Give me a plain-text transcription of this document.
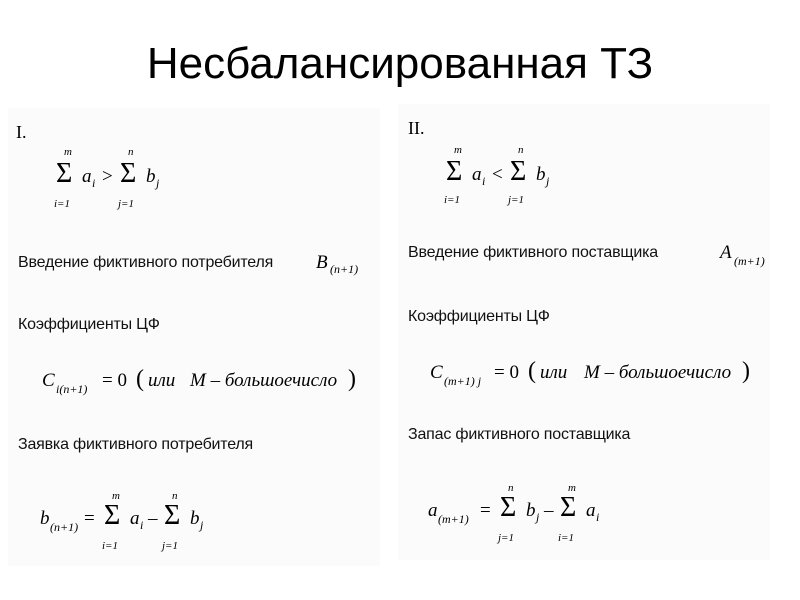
Несбалансированная ТЗ
I.
m
Σ
i=1
a i >
n
Σ
j=1
b j
Введение фиктивного потребителя B (n+1)
Коэффициенты ЦФ
C i(n+1) = 0 ( или M – большоечисло )
Заявка фиктивного потребителя
b (n+1) =
m
Σ
i=1
a i –
n
Σ
j=1
b j
II.
m
Σ
i=1
a i <
n
Σ
j=1
b j
Введение фиктивного поставщика	A (m+1)
Коэффициенты ЦФ
C (m+1) j = 0 ( или M – большоечисло )
Запас фиктивного поставщика
a (m+1) =
n
Σ
j=1
b j –
m
Σ
i=1
a i
